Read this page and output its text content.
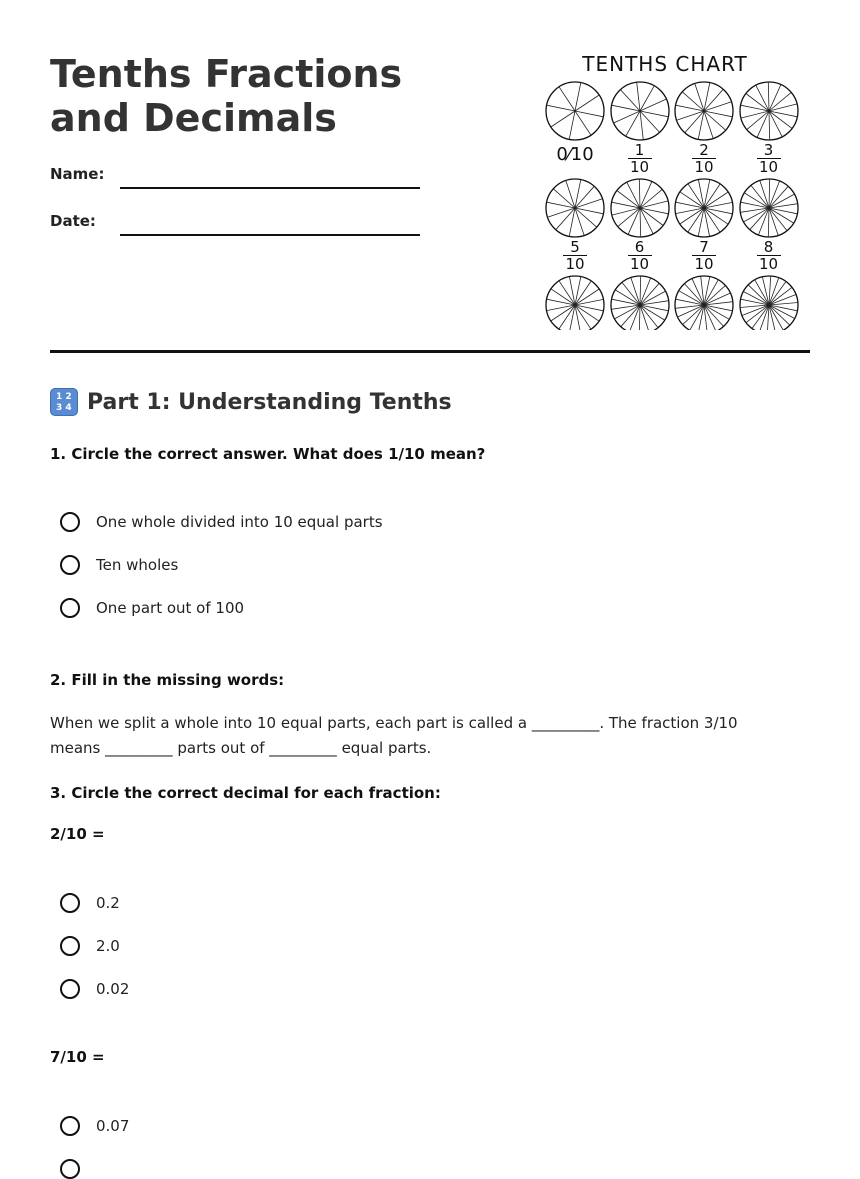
Tenths Fractions and Decimals
Name:
Date:
TENTHS CHART
0⁄10 $\frac{1}{10} \frac{2}{10} \frac{3}{10}$
$\frac{5}{10} \frac{6}{10} \frac{7}{10} \frac{8}{10}$
1 2
3 4 Part 1: Understanding Tenths
1. Circle the correct answer. What does 1/10 mean?
One whole divided into 10 equal parts
Ten wholes
One part out of 100
2. Fill in the missing words:
When we split a whole into 10 equal parts, each part is called a _________. The fraction 3/10 means _________ parts out of _________ equal parts.
3. Circle the correct decimal for each fraction:
2/10 =
0.2
2.0
0.02
7/10 =
0.07
